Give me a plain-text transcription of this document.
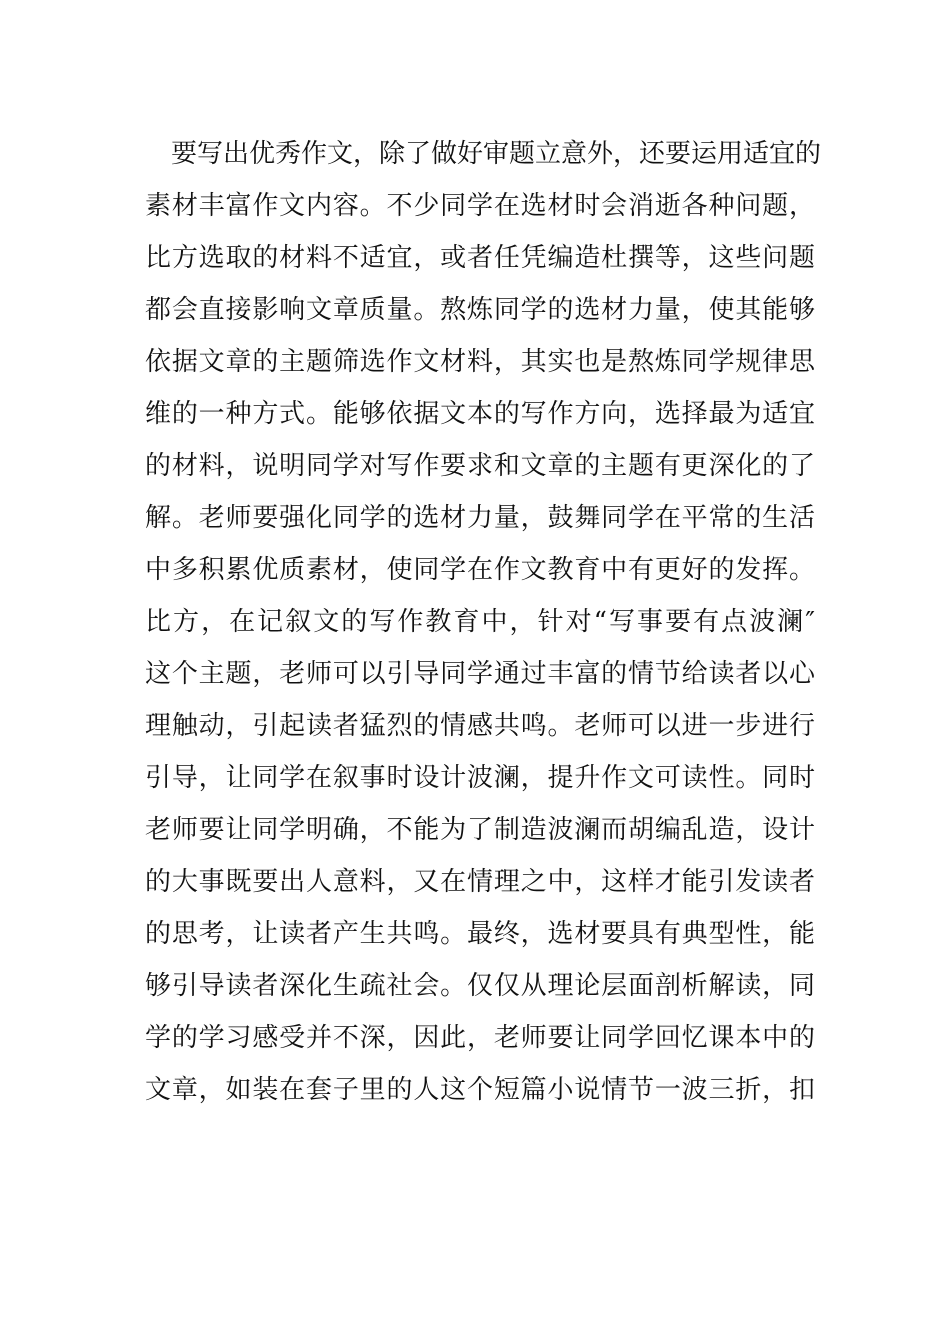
要写出优秀作文，除了做好审题立意外，还要运用适宜的
素材丰富作文内容。不少同学在选材时会消逝各种问题，
比方选取的材料不适宜，或者任凭编造杜撰等，这些问题
都会直接影响文章质量。熬炼同学的选材力量，使其能够
依据文章的主题筛选作文材料，其实也是熬炼同学规律思
维的一种方式。能够依据文本的写作方向，选择最为适宜
的材料，说明同学对写作要求和文章的主题有更深化的了
解。老师要强化同学的选材力量，鼓舞同学在平常的生活
中多积累优质素材，使同学在作文教育中有更好的发挥。
比方，在记叙文的写作教育中，针对“写事要有点波澜″
这个主题，老师可以引导同学通过丰富的情节给读者以心
理触动，引起读者猛烈的情感共鸣。老师可以进一步进行
引导，让同学在叙事时设计波澜，提升作文可读性。同时
老师要让同学明确，不能为了制造波澜而胡编乱造，设计
的大事既要出人意料，又在情理之中，这样才能引发读者
的思考，让读者产生共鸣。最终，选材要具有典型性，能
够引导读者深化生疏社会。仅仅从理论层面剖析解读，同
学的学习感受并不深，因此，老师要让同学回忆课本中的
文章，如装在套子里的人这个短篇小说情节一波三折，扣
